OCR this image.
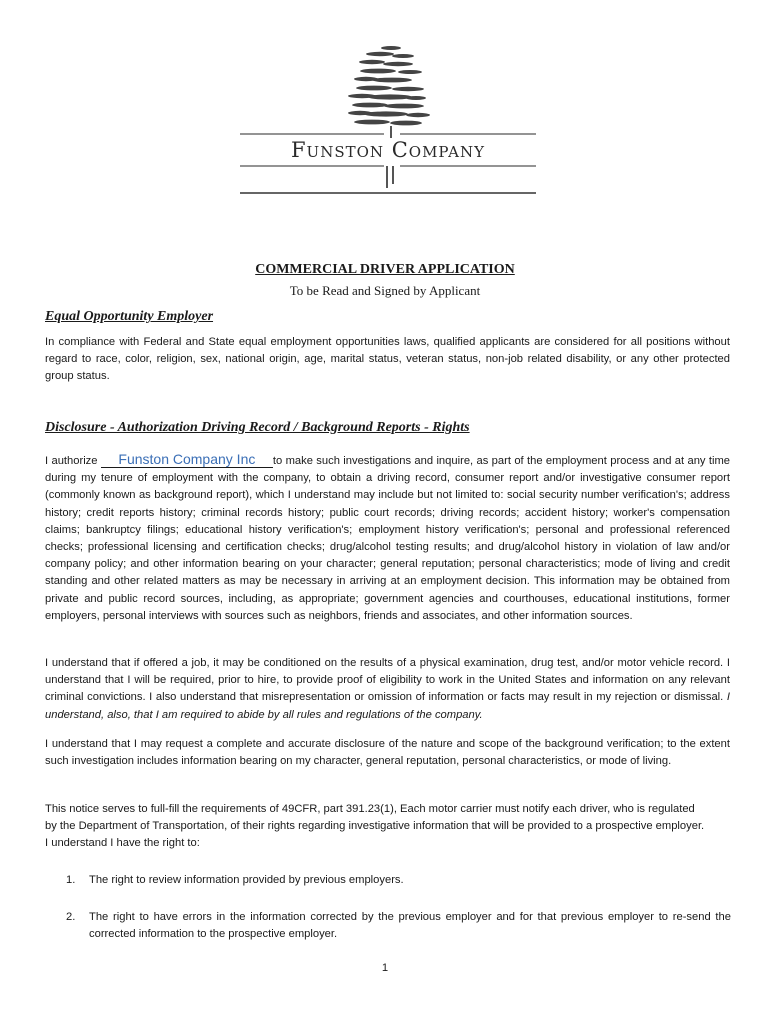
Funston Company
COMMERCIAL DRIVER APPLICATION
To be Read and Signed by Applicant
Equal Opportunity Employer

In compliance with Federal and State equal employment opportunities laws, qualified applicants are considered for all positions without regard to race, color, religion, sex, national origin, age, marital status, veteran status, non-job related disability, or any other protected group status.

Disclosure - Authorization Driving Record / Background Reports - Rights

I authorize Funston Company Inc to make such investigations and inquire, as part of the employment process and at any time during my tenure of employment with the company, to obtain a driving record, consumer report and/or investigative consumer report (commonly known as background report), which I understand may include but not limited to: social security number verification's; address history; credit reports history; criminal records history; public court records; driving records; accident history; worker's compensation claims; bankruptcy filings; educational history verification's; employment history verification's; personal and professional referenced checks; professional licensing and certification checks; drug/alcohol testing results; and drug/alcohol history in violation of law and/or company policy; and other information bearing on your character; general reputation; personal characteristics; mode of living and credit standing and other related matters as may be necessary in arriving at an employment decision. This information may be obtained from private and public record sources, including, as appropriate; government agencies and courthouses, educational institutions, former employers, personal interviews with sources such as neighbors, friends and associates, and other information sources.

I understand that if offered a job, it may be conditioned on the results of a physical examination, drug test, and/or motor vehicle record. I understand that I will be required, prior to hire, to provide proof of eligibility to work in the United States and information on any relevant criminal convictions. I also understand that misrepresentation or omission of information or facts may result in my rejection or dismissal. I understand, also, that I am required to abide by all rules and regulations of the company.

I understand that I may request a complete and accurate disclosure of the nature and scope of the background verification; to the extent such investigation includes information bearing on my character, general reputation, personal characteristics, or mode of living.

This notice serves to full-fill the requirements of 49CFR, part 391.23(1), Each motor carrier must notify each driver, who is regulated by the Department of Transportation, of their rights regarding investigative information that will be provided to a prospective employer. I understand I have the right to:

1. The right to review information provided by previous employers.
2. The right to have errors in the information corrected by the previous employer and for that previous employer to re-send the corrected information to the prospective employer.
1
